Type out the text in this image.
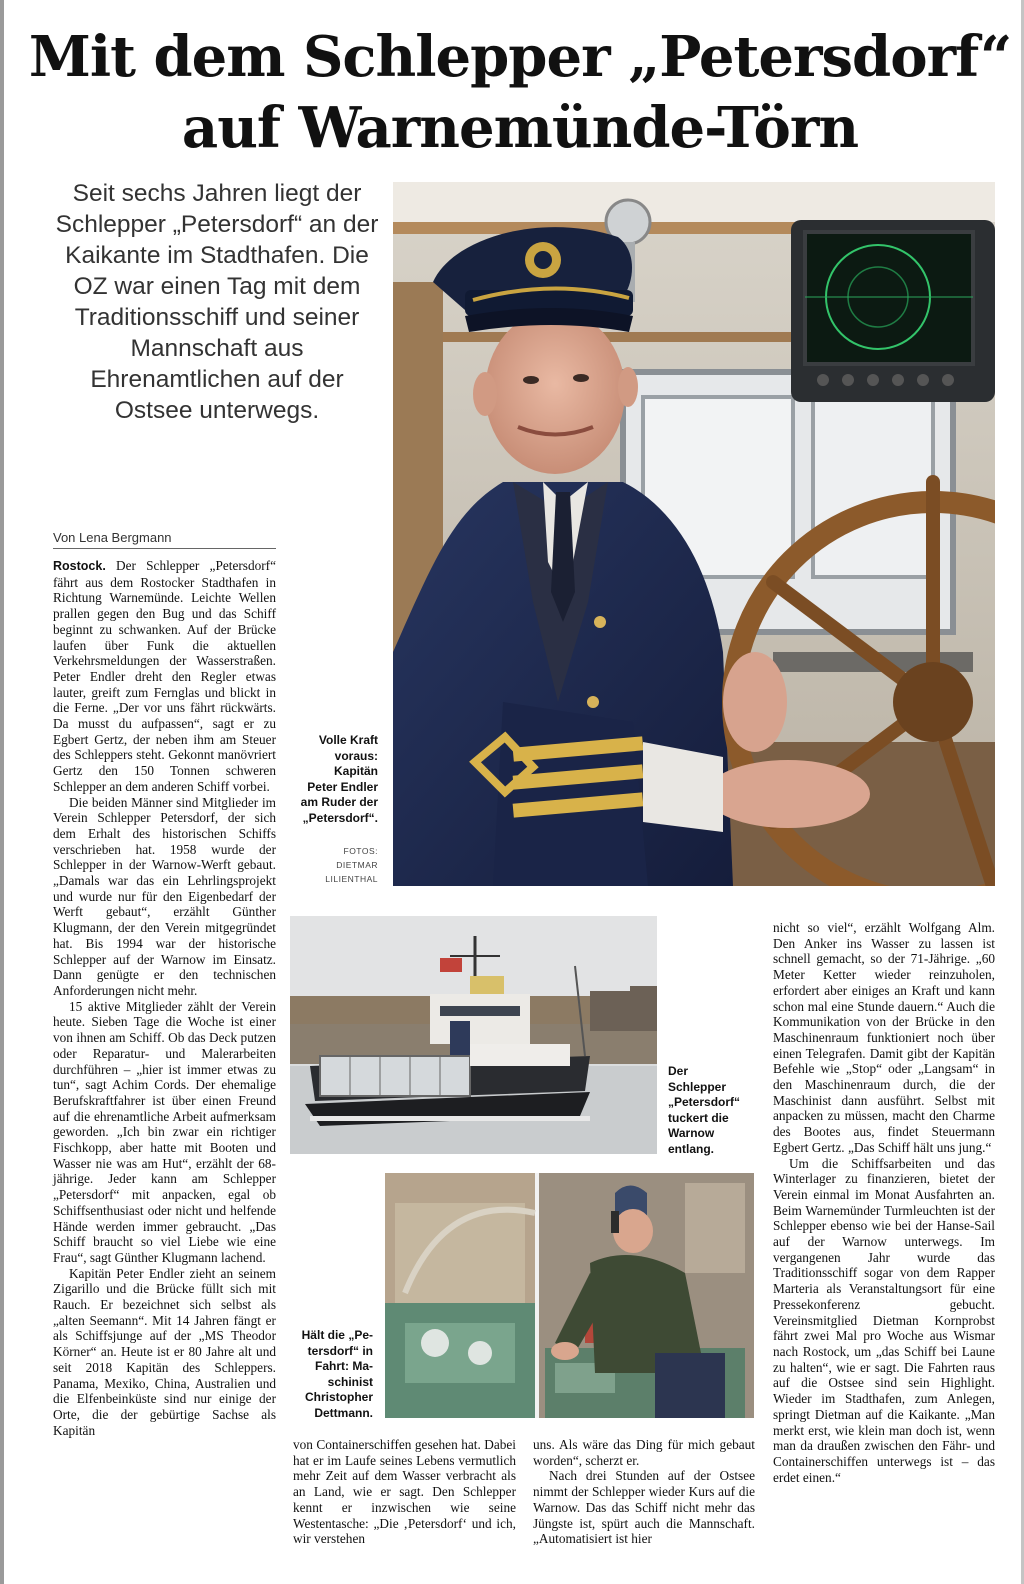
Mit dem Schlepper „Petersdorf“
auf Warnemünde-Törn
Seit sechs Jahren liegt der Schlepper „Petersdorf“ an der Kaikante im Stadthafen. Die OZ war einen Tag mit dem Traditionsschiff und seiner Mannschaft aus Ehrenamtlichen auf der Ostsee unterwegs.
Von Lena Bergmann
Volle Kraft
voraus:
Kapitän
Peter Endler
am Ruder der
„Petersdorf“.
FOTOS:
DIETMAR
LILIENTHAL

Rostock. Der Schlepper „Petersdorf“ fährt aus dem Rostocker Stadthafen in Richtung Warnemünde. Leichte Wellen prallen gegen den Bug und das Schiff beginnt zu schwanken. Auf der Brücke laufen über Funk die aktuellen Verkehrsmeldungen der Wasserstraßen. Peter Endler dreht den Regler etwas lauter, greift zum Fernglas und blickt in die Ferne. „Der vor uns fährt rückwärts. Da musst du aufpassen“, sagt er zu Egbert Gertz, der neben ihm am Steuer des Schleppers steht. Gekonnt manövriert Gertz den 150 Tonnen schweren Schlepper an dem anderen Schiff vorbei.

Die beiden Männer sind Mitglieder im Verein Schlepper Petersdorf, der sich dem Erhalt des historischen Schiffs verschrieben hat. 1958 wurde der Schlepper in der Warnow-Werft gebaut. „Damals war das ein Lehrlingsprojekt und wurde nur für den Eigenbedarf der Werft gebaut“, erzählt Günther Klugmann, der den Verein mitgegründet hat. Bis 1994 war der historische Schlepper auf der Warnow im Einsatz. Dann genügte er den technischen Anforderungen nicht mehr.

15 aktive Mitglieder zählt der Verein heute. Sieben Tage die Woche ist einer von ihnen am Schiff. Ob das Deck putzen oder Reparatur- und Malerarbeiten durchführen – „hier ist immer etwas zu tun“, sagt Achim Cords. Der ehemalige Berufskraftfahrer ist über einen Freund auf die ehrenamtliche Arbeit aufmerksam geworden. „Ich bin zwar ein richtiger Fischkopp, aber hatte mit Booten und Wasser nie was am Hut“, erzählt der 68-jährige. Jeder kann am Schlepper „Petersdorf“ mit anpacken, egal ob Schiffsenthusiast oder nicht und helfende Hände werden immer gebraucht. „Das Schiff braucht so viel Liebe wie eine Frau“, sagt Günther Klugmann lachend.

Kapitän Peter Endler zieht an seinem Zigarillo und die Brücke füllt sich mit Rauch. Er bezeichnet sich selbst als „alten Seemann“. Mit 14 Jahren fängt er als Schiffsjunge auf der „MS Theodor Körner“ an. Heute ist er 80 Jahre alt und seit 2018 Kapitän des Schleppers. Panama, Mexiko, China, Australien und die Elfenbeinküste sind nur einige der Orte, die der gebürtige Sachse als Kapitän

Der
Schlepper
„Petersdorf“
tuckert die
Warnow
entlang.
Hält die „Pe-
tersdorf“ in
Fahrt: Ma-
schinist
Christopher
Dettmann.

von Containerschiffen gesehen hat. Dabei hat er im Laufe seines Lebens vermutlich mehr Zeit auf dem Wasser verbracht als an Land, wie er sagt. Den Schlepper kennt er inzwischen wie seine Westentasche: „Die ‚Petersdorf‘ und ich, wir verstehen

uns. Als wäre das Ding für mich gebaut worden“, scherzt er.

Nach drei Stunden auf der Ostsee nimmt der Schlepper wieder Kurs auf die Warnow. Das das Schiff nicht mehr das Jüngste ist, spürt auch die Mannschaft. „Automatisiert ist hier

nicht so viel“, erzählt Wolfgang Alm. Den Anker ins Wasser zu lassen ist schnell gemacht, so der 71-Jährige. „60 Meter Ketter wieder reinzuholen, erfordert aber einiges an Kraft und kann schon mal eine Stunde dauern.“ Auch die Kommunikation von der Brücke in den Maschinenraum funktioniert noch über einen Telegrafen. Damit gibt der Kapitän Befehle wie „Stop“ oder „Langsam“ in den Maschinenraum durch, die der Maschinist dann ausführt. Selbst mit anpacken zu müssen, macht den Charme des Bootes aus, findet Steuermann Egbert Gertz. „Das Schiff hält uns jung.“

Um die Schiffsarbeiten und das Winterlager zu finanzieren, bietet der Verein einmal im Monat Ausfahrten an. Beim Warnemünder Turmleuchten ist der Schlepper ebenso wie bei der Hanse-Sail auf der Warnow unterwegs. Im vergangenen Jahr wurde das Traditionsschiff sogar von dem Rapper Marteria als Veranstaltungsort für eine Pressekonferenz gebucht. Vereinsmitglied Dietman Kornprobst fährt zwei Mal pro Woche aus Wismar nach Rostock, um „das Schiff bei Laune zu halten“, wie er sagt. Die Fahrten raus auf die Ostsee sind sein Highlight. Wieder im Stadthafen, zum Anlegen, springt Dietman auf die Kaikante. „Man merkt erst, wie klein man doch ist, wenn man da draußen zwischen den Fähr- und Containerschiffen unterwegs ist – das erdet einen.“
